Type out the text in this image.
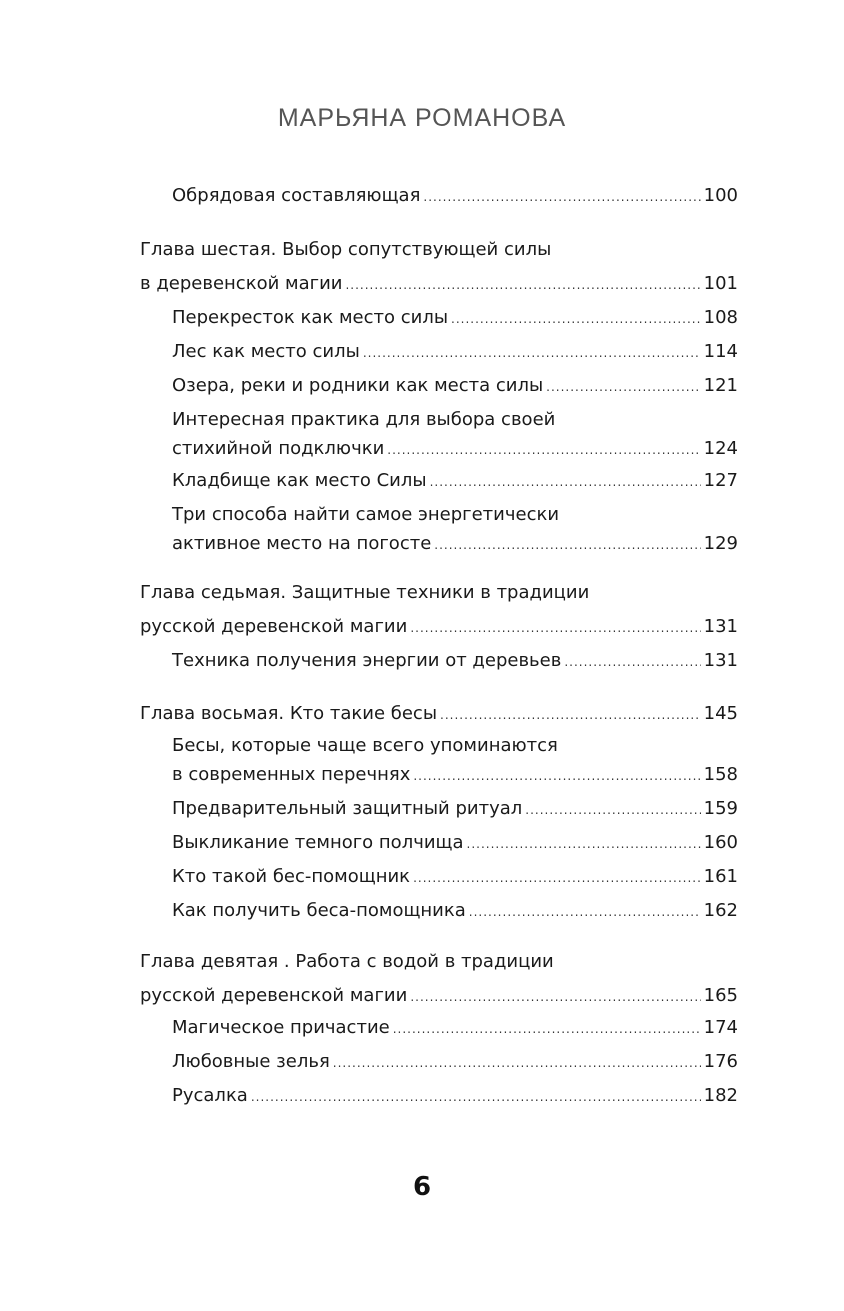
МАРЬЯНА РОМАНОВА
Обрядовая составляющая .....	100
Глава шестая. Выбор сопутствующей силы
в деревенской магии .....	101
Перекресток как место силы .....	108
Лес как место силы .....	114
Озера, реки и родники как места силы .....	121
Интересная практика для выбора своей
стихийной подключки .....	124
Кладбище как место Силы .....	127
Три способа найти самое энергетически
активное место на погосте .....	129
Глава седьмая. Защитные техники в традиции
русской деревенской магии .....	131
Техника получения энергии от деревьев .....	131
Глава восьмая. Кто такие бесы .....	145
Бесы, которые чаще всего упоминаются
в современных перечнях .....	158
Предварительный защитный ритуал .....	159
Выкликание темного полчища .....	160
Кто такой бес-помощник .....	161
Как получить беса-помощника .....	162
Глава девятая . Работа с водой в традиции
русской деревенской магии .....	165
Магическое причастие .....	174
Любовные зелья .....	176
Русалка .....	182
6
